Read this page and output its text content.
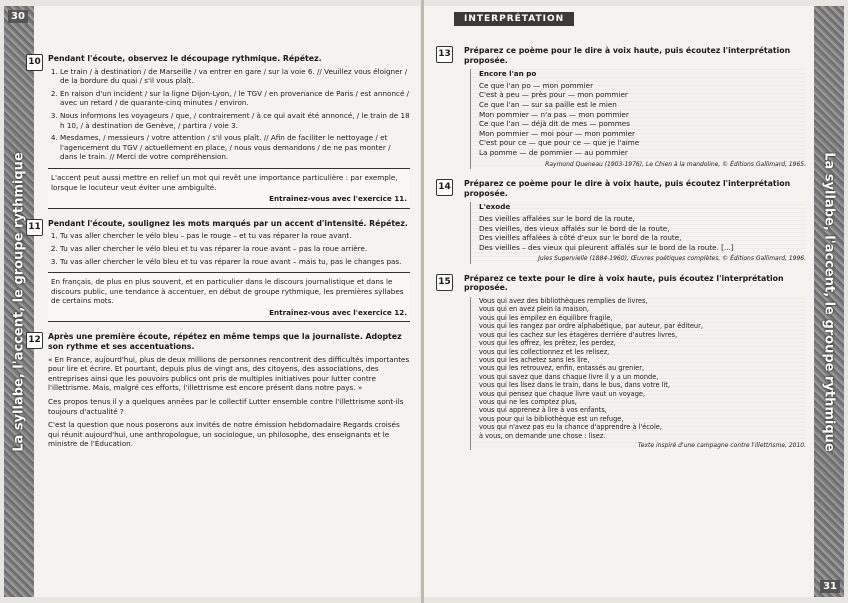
La syllabe, l'accent, le groupe rythmique
30
10 Pendant l'écoute, observez le découpage rythmique. Répétez.
1. Le train / à destination / de Marseille / va entrer en gare / sur la voie 6. // Veuillez vous éloigner / de la bordure du quai / s'il vous plaît.
2. En raison d'un incident / sur la ligne Dijon-Lyon, / le TGV / en provenance de Paris / est annoncé / avec un retard / de quarante-cinq minutes / environ.
3. Nous informons les voyageurs / que, / contrairement / à ce qui avait été annoncé, / le train de 18 h 10, / à destination de Genève, / partira / voie 3.
4. Mesdames, / messieurs / votre attention / s'il vous plaît. // Afin de faciliter le nettoyage / et l'agencement du TGV / actuellement en place, / nous vous demandons / de ne pas monter / dans le train. // Merci de votre compréhension.
L'accent peut aussi mettre en relief un mot qui revêt une importance particulière : par exemple, lorsque le locuteur veut éviter une ambiguïté.
Entraînez-vous avec l'exercice 11.
11 Pendant l'écoute, soulignez les mots marqués par un accent d'intensité. Répétez.
1. Tu vas aller chercher le vélo bleu – pas le rouge – et tu vas réparer la roue avant.
2. Tu vas aller chercher le vélo bleu et tu vas réparer la roue avant – pas la roue arrière.
3. Tu vas aller chercher le vélo bleu et tu vas réparer la roue avant – mais tu, pas le changes pas.
En français, de plus en plus souvent, et en particulier dans le discours journalistique et dans le discours public, une tendance à accentuer, en début de groupe rythmique, les premières syllabes de certains mots.
Entraînez-vous avec l'exercice 12.
12 Après une première écoute, répétez en même temps que la journaliste. Adoptez son rythme et ses accentuations.

« En France, aujourd'hui, plus de deux millions de personnes rencontrent des difficultés importantes pour lire et écrire. Et pourtant, depuis plus de vingt ans, des citoyens, des associations, des entreprises ainsi que les pouvoirs publics ont pris de multiples initiatives pour lutter contre l'illettrisme. Mais, malgré ces efforts, l'illettrisme est encore présent dans notre pays. »

Ces propos tenus il y a quelques années par le collectif Lutter ensemble contre l'illettrisme sont-ils toujours d'actualité ?

C'est la question que nous poserons aux invités de notre émission hebdomadaire Regards croisés qui réunit aujourd'hui, une anthropologue, un sociologue, un philosophe, des enseignants et le ministre de l'Éducation.	La syllabe, l'accent, le groupe rythmique
INTERPRÉTATION
31
13 Préparez ce poème pour le dire à voix haute, puis écoutez l'interprétation proposée.
Encore l'an po
Ce que l'an po — mon pommier
C'est à peu — près pour — mon pommier
Ce que l'an — sur sa paille est le mien
Mon pommier — n'a pas — mon pommier
Ce que l'an — déjà dit de mes — pommes
Mon pommier — moi pour — mon pommier
C'est pour ce — que pour ce — que je l'aime
La pomme — de pommier — au pommier
Raymond Queneau (1903-1976), Le Chien à la mandoline, © Éditions Gallimard, 1965.
14 Préparez ce poème pour le dire à voix haute, puis écoutez l'interprétation proposée.
L'exode
Des vieilles affalées sur le bord de la route,
Des vieilles, des vieux affalés sur le bord de la route,
Des vieilles affalées à côté d'eux sur le bord de la route,
Des vieilles – des vieux qui pleurent affalés sur le bord de la route. [...]
Jules Supervielle (1884-1960), Œuvres poétiques complètes, © Éditions Gallimard, 1996.
15 Préparez ce texte pour le dire à voix haute, puis écoutez l'interprétation proposée.
Vous qui avez des bibliothèques remplies de livres,
vous qui en avez plein la maison,
vous qui les empilez en équilibre fragile,
vous qui les rangez par ordre alphabétique, par auteur, par éditeur,
vous qui les cachez sur les étagères derrière d'autres livres,
vous qui les offrez, les prêtez, les perdez,
vous qui les collectionnez et les relisez,
vous qui les achetez sans les lire,
vous qui les retrouvez, enfin, entassés au grenier,
vous qui savez que dans chaque livre il y a un monde,
vous qui les lisez dans le train, dans le bus, dans votre lit,
vous qui pensez que chaque livre vaut un voyage,
vous qui ne les comptez plus,
vous qui apprenez à lire à vos enfants,
vous pour qui la bibliothèque est un refuge,
vous qui n'avez pas eu la chance d'apprendre à l'école,
à vous, on demande une chose : lisez.
Texte inspiré d'une campagne contre l'illettrisme, 2010.
